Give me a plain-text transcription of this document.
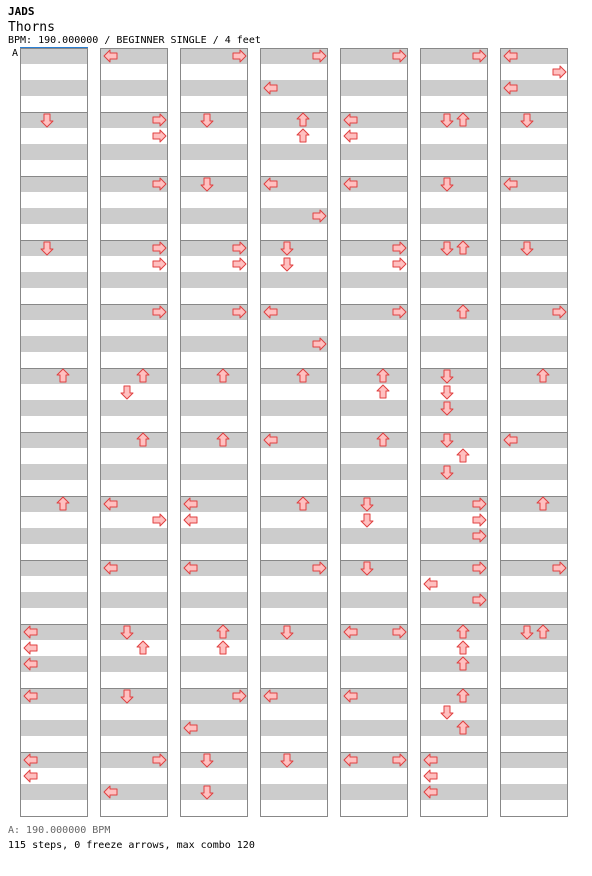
JADS
Thorns
BPM: 190.000000 / BEGINNER SINGLE / 4 feet
A
A: 190.000000 BPM
115 steps, 0 freeze arrows, max combo 120
